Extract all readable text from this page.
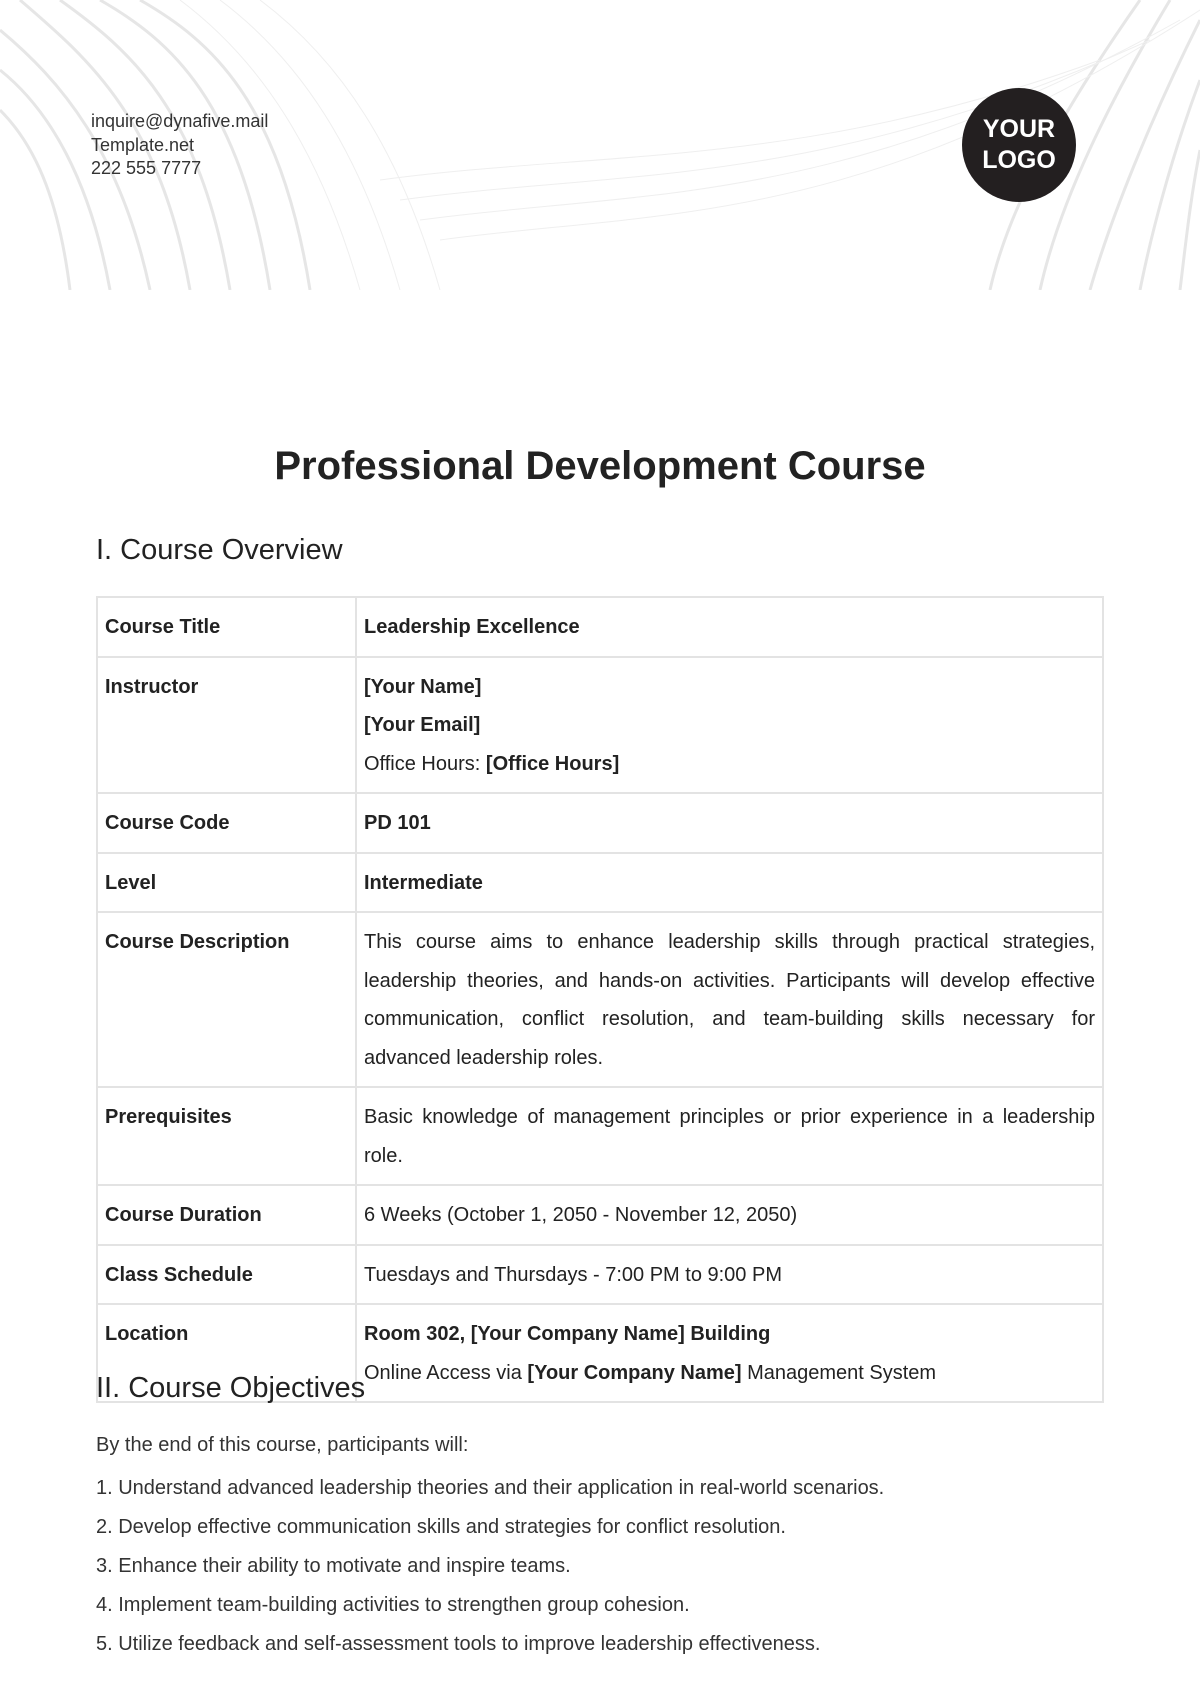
inquire@dynafive.mail
Template.net
222 555 7777
YOUR
LOGO
Professional Development Course
I. Course Overview
Course Title	Leadership Excellence
Instructor	[Your Name]

[Your Email]

Office Hours: [Office Hours]

Course Code	PD 101
Level	Intermediate
Course Description	This course aims to enhance leadership skills through practical strategies, leadership theories, and hands-on activities. Participants will develop effective communication, conflict resolution, and team-building skills necessary for advanced leadership roles.
Prerequisites	Basic knowledge of management principles or prior experience in a leadership role.
Course Duration	6 Weeks (October 1, 2050 - November 12, 2050)
Class Schedule	Tuesdays and Thursdays - 7:00 PM to 9:00 PM
Location	Room 302, [Your Company Name] Building

Online Access via [Your Company Name] Management System

II. Course Objectives
By the end of this course, participants will:
1. Understand advanced leadership theories and their application in real-world scenarios.
2. Develop effective communication skills and strategies for conflict resolution.
3. Enhance their ability to motivate and inspire teams.
4. Implement team-building activities to strengthen group cohesion.
5. Utilize feedback and self-assessment tools to improve leadership effectiveness.
